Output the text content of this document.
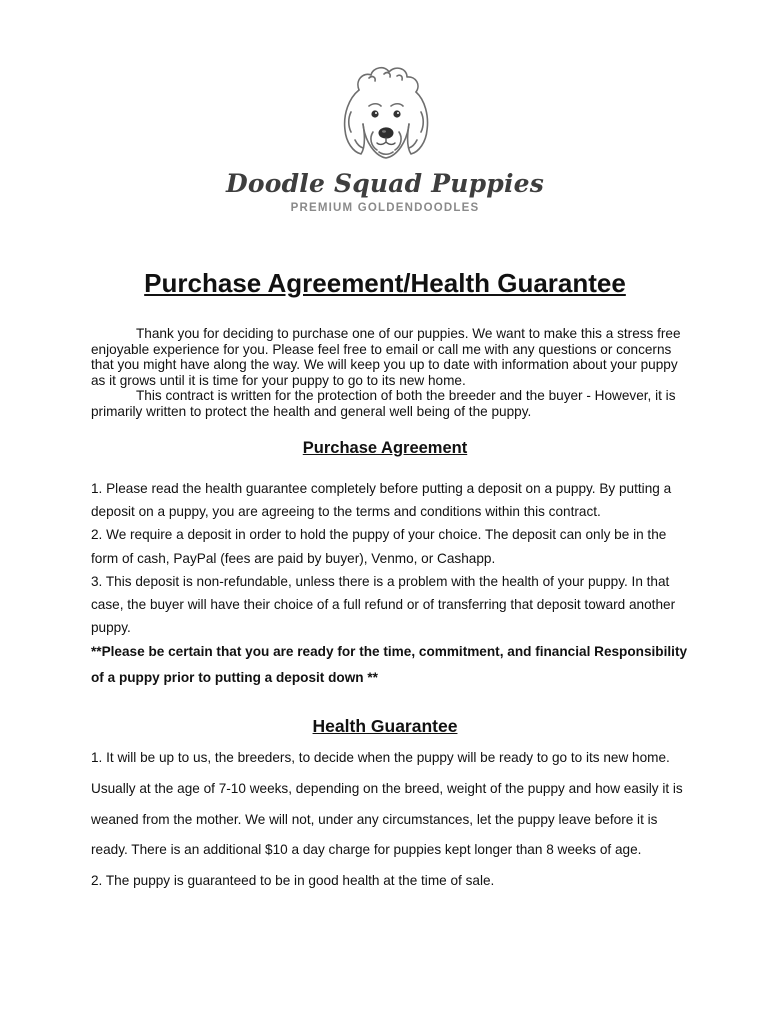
Doodle Squad Puppies
PREMIUM GOLDENDOODLES
Purchase Agreement/Health Guarantee

Thank you for deciding to purchase one of our puppies. We want to make this a stress free enjoyable experience for you. Please feel free to email or call me with any questions or concerns that you might have along the way. We will keep you up to date with information about your puppy as it grows until it is time for your puppy to go to its new home.

This contract is written for the protection of both the breeder and the buyer - However, it is primarily written to protect the health and general well being of the puppy.

Purchase Agreement

1. Please read the health guarantee completely before putting a deposit on a puppy. By putting a deposit on a puppy, you are agreeing to the terms and conditions within this contract.

2. We require a deposit in order to hold the puppy of your choice. The deposit can only be in the form of cash, PayPal (fees are paid by buyer), Venmo, or Cashapp.

3. This deposit is non-refundable, unless there is a problem with the health of your puppy. In that case, the buyer will have their choice of a full refund or of transferring that deposit toward another puppy.

**Please be certain that you are ready for the time, commitment, and financial Responsibility of a puppy prior to putting a deposit down **

Health Guarantee

1. It will be up to us, the breeders, to decide when the puppy will be ready to go to its new home. Usually at the age of 7-10 weeks, depending on the breed, weight of the puppy and how easily it is weaned from the mother. We will not, under any circumstances, let the puppy leave before it is ready. There is an additional $10 a day charge for puppies kept longer than 8 weeks of age.

2. The puppy is guaranteed to be in good health at the time of sale.
